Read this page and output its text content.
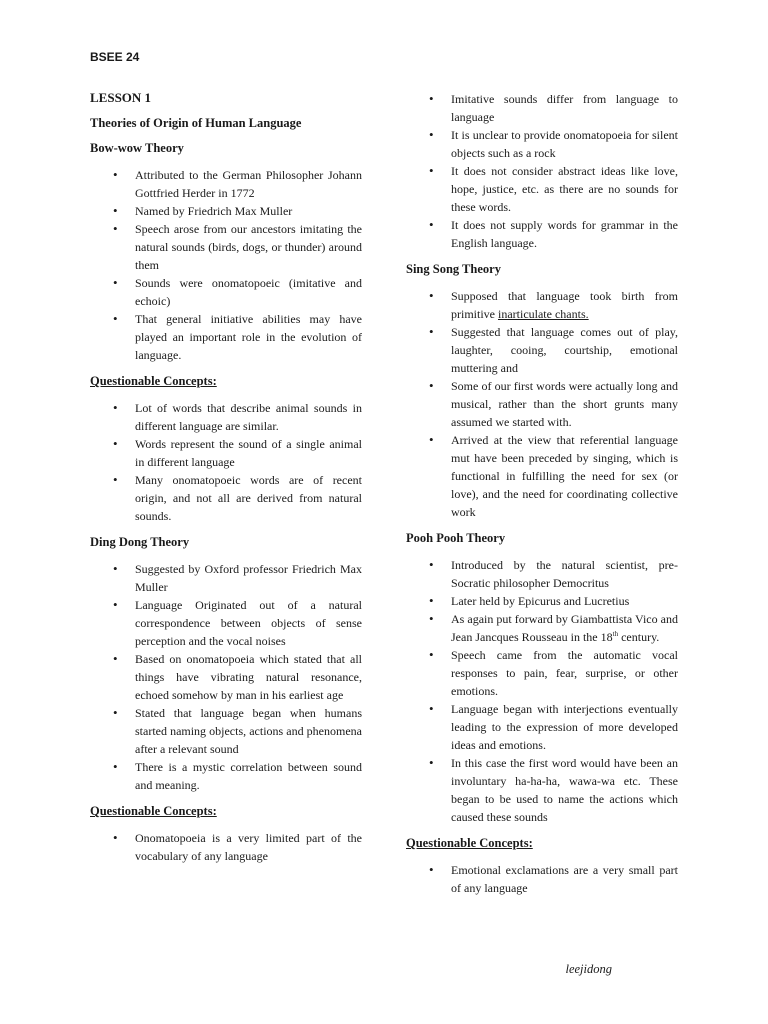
BSEE 24
LESSON 1
Theories of Origin of Human Language
Bow-wow Theory
• Attributed to the German Philosopher Johann Gottfried Herder in 1772
• Named by Friedrich Max Muller
• Speech arose from our ancestors imitating the natural sounds (birds, dogs, or thunder) around them
• Sounds were onomatopoeic (imitative and echoic)
• That general initiative abilities may have played an important role in the evolution of language.
Questionable Concepts:
• Lot of words that describe animal sounds in different language are similar.
• Words represent the sound of a single animal in different language
• Many onomatopoeic words are of recent origin, and not all are derived from natural sounds.
Ding Dong Theory
• Suggested by Oxford professor Friedrich Max Muller
• Language Originated out of a natural correspondence between objects of sense perception and the vocal noises
• Based on onomatopoeia which stated that all things have vibrating natural resonance, echoed somehow by man in his earliest age
• Stated that language began when humans started naming objects, actions and phenomena after a relevant sound
• There is a mystic correlation between sound and meaning.
Questionable Concepts:
• Onomatopoeia is a very limited part of the vocabulary of any language
• Imitative sounds differ from language to language
• It is unclear to provide onomatopoeia for silent objects such as a rock
• It does not consider abstract ideas like love, hope, justice, etc. as there are no sounds for these words.
• It does not supply words for grammar in the English language.
Sing Song Theory
• Supposed that language took birth from primitive inarticulate chants.
• Suggested that language comes out of play, laughter, cooing, courtship, emotional muttering and
• Some of our first words were actually long and musical, rather than the short grunts many assumed we started with.
• Arrived at the view that referential language mut have been preceded by singing, which is functional in fulfilling the need for sex (or love), and the need for coordinating collective work
Pooh Pooh Theory
• Introduced by the natural scientist, pre-Socratic philosopher Democritus
• Later held by Epicurus and Lucretius
• As again put forward by Giambattista Vico and Jean Jancques Rousseau in the 18th century.
• Speech came from the automatic vocal responses to pain, fear, surprise, or other emotions.
• Language began with interjections eventually leading to the expression of more developed ideas and emotions.
• In this case the first word would have been an involuntary ha-ha-ha, wawa-wa etc. These began to be used to name the actions which caused these sounds
Questionable Concepts:
• Emotional exclamations are a very small part of any language
leejidong
